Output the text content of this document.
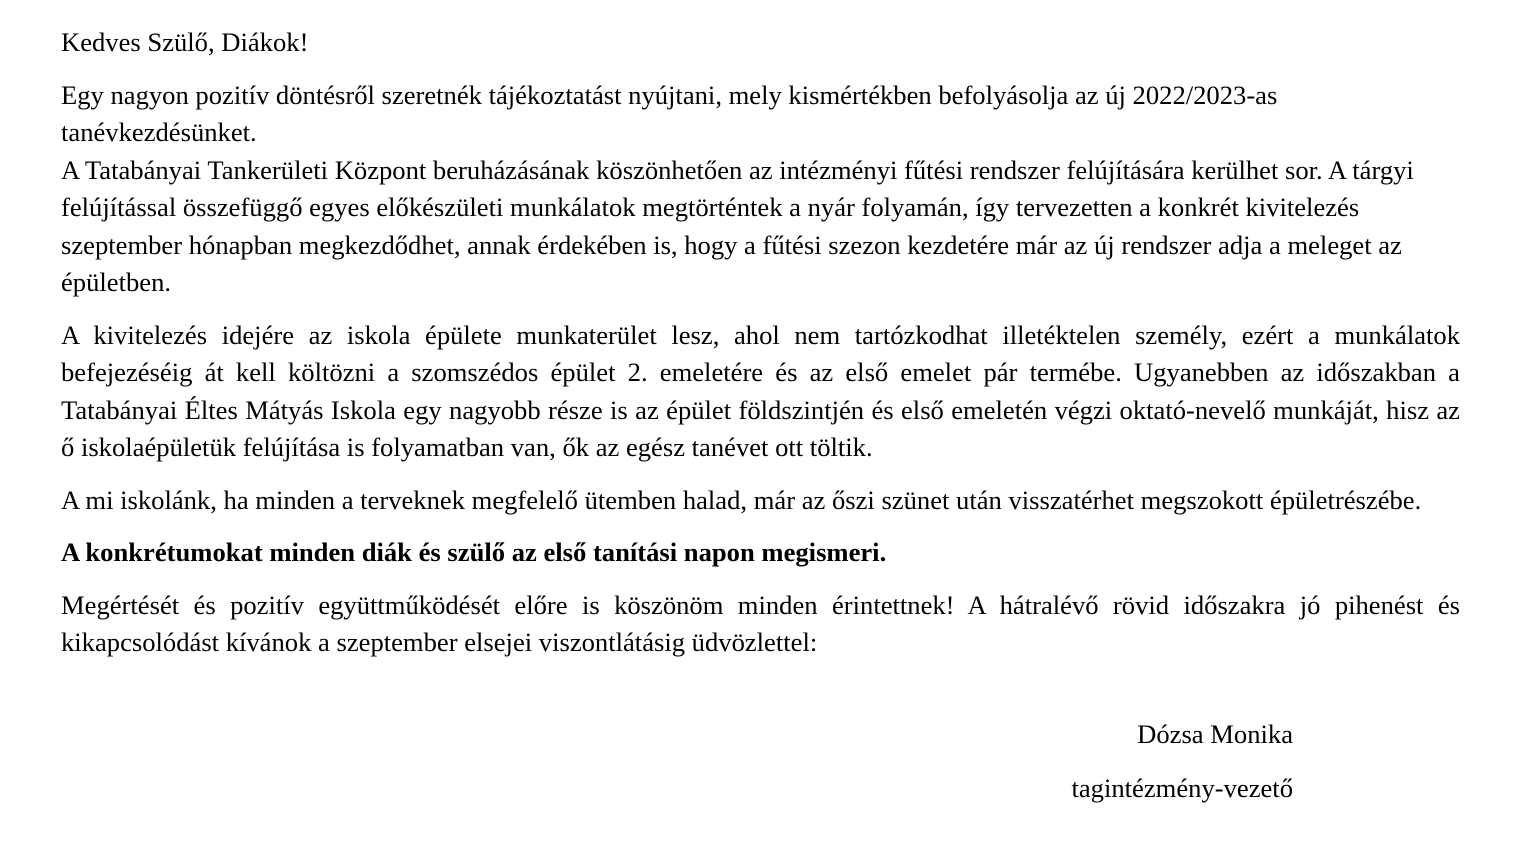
Kedves Szülő, Diákok!

Egy nagyon pozitív döntésről szeretnék tájékoztatást nyújtani, mely kismértékben befolyásolja az új 2022/2023-as tanévkezdésünket.

A Tatabányai Tankerületi Központ beruházásának köszönhetően az intézményi fűtési rendszer felújítására kerülhet sor. A tárgyi felújítással összefüggő egyes előkészületi munkálatok megtörténtek a nyár folyamán, így tervezetten a konkrét kivitelezés szeptember hónapban megkezdődhet, annak érdekében is, hogy a fűtési szezon kezdetére már az új rendszer adja a meleget az épületben.

A kivitelezés idejére az iskola épülete munkaterület lesz, ahol nem tartózkodhat illetéktelen személy, ezért a munkálatok befejezéséig át kell költözni a szomszédos épület 2. emeletére és az első emelet pár termébe. Ugyanebben az időszakban a Tatabányai Éltes Mátyás Iskola egy nagyobb része is az épület földszintjén és első emeletén végzi oktató-nevelő munkáját, hisz az ő iskolaépületük felújítása is folyamatban van, ők az egész tanévet ott töltik.

A mi iskolánk, ha minden a terveknek megfelelő ütemben halad, már az őszi szünet után visszatérhet megszokott épületrészébe.

A konkrétumokat minden diák és szülő az első tanítási napon megismeri.

Megértését és pozitív együttműködését előre is köszönöm minden érintettnek! A hátralévő rövid időszakra jó pihenést és kikapcsolódást kívánok a szeptember elsejei viszontlátásig üdvözlettel:

Dózsa Monika
tagintézmény-vezető
